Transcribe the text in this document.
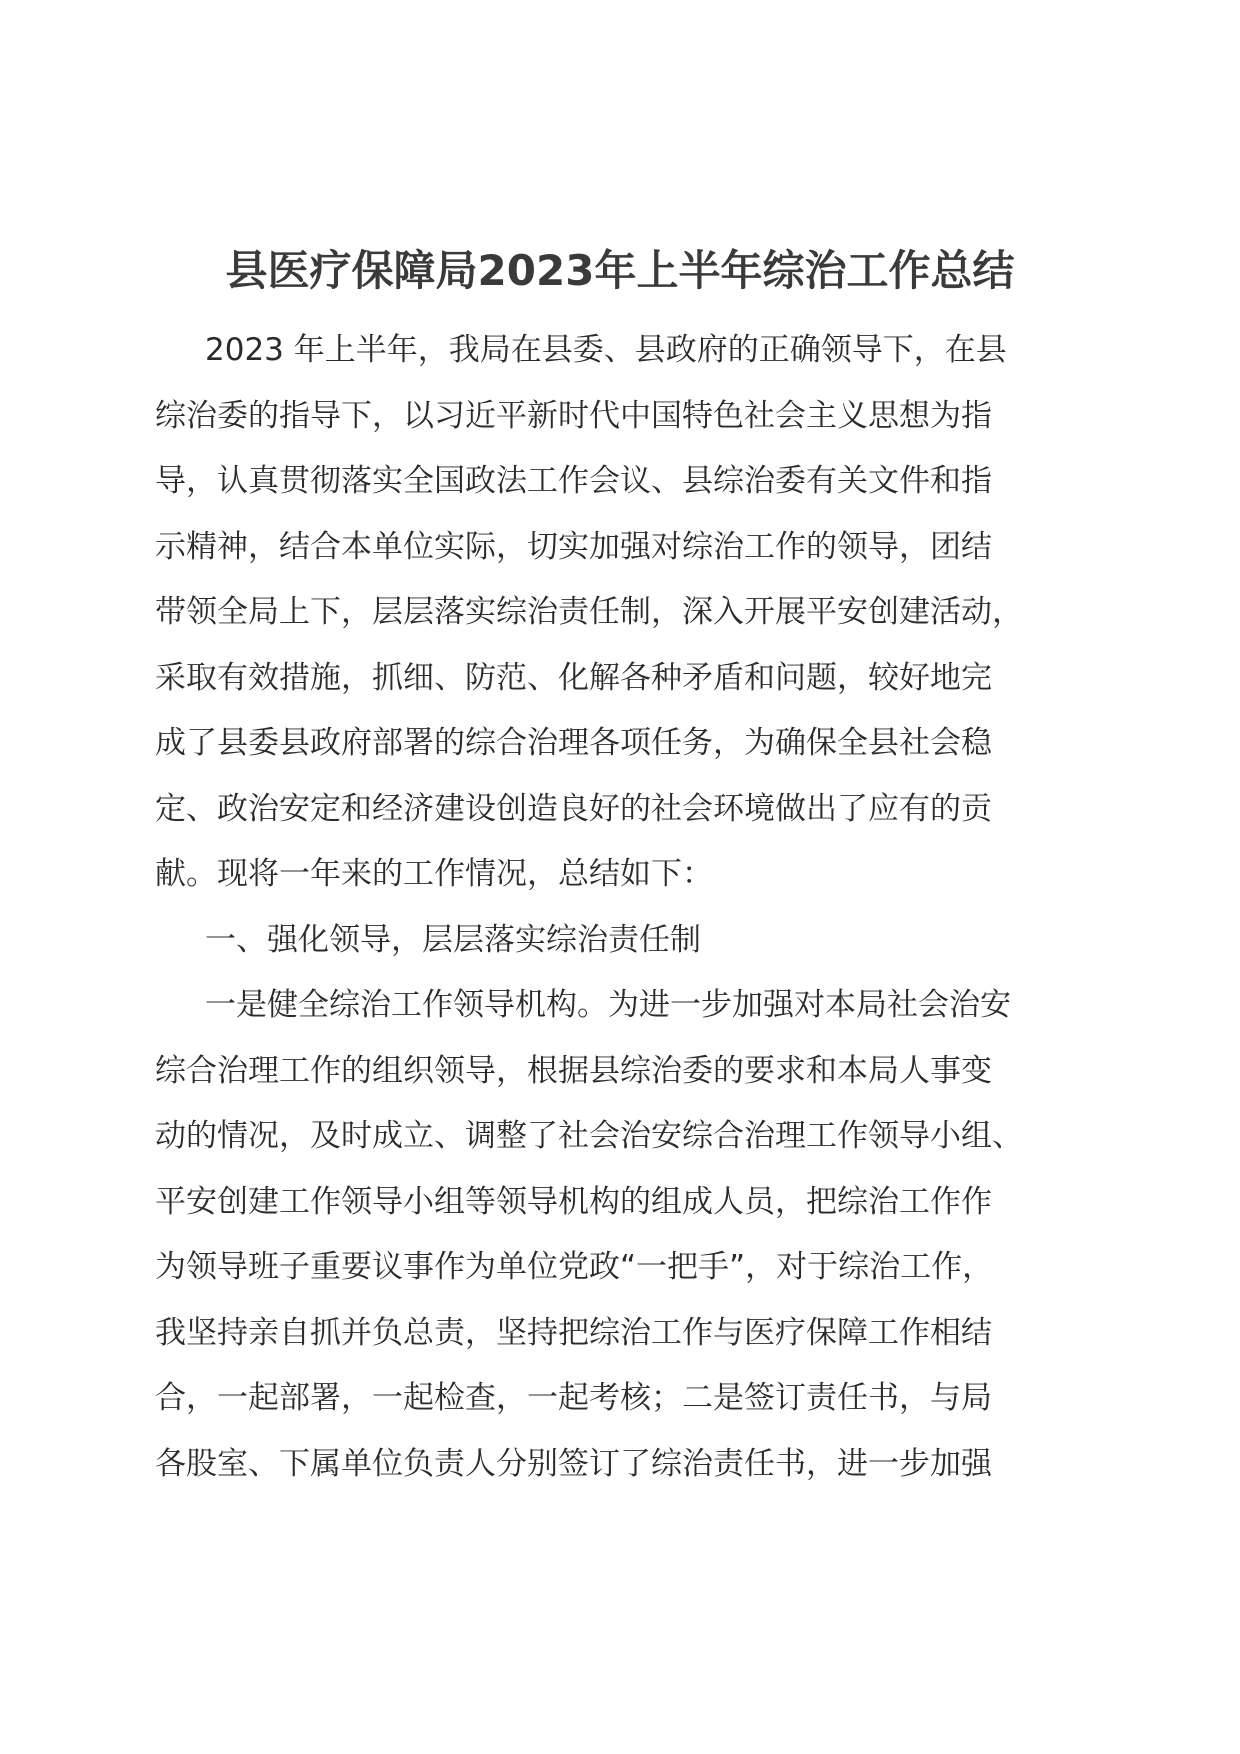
县医疗保障局2023年上半年综治工作总结
2023 年上半年，我局在县委、县政府的正确领导下，在县
综治委的指导下，以习近平新时代中国特色社会主义思想为指
导，认真贯彻落实全国政法工作会议、县综治委有关文件和指
示精神，结合本单位实际，切实加强对综治工作的领导，团结
带领全局上下，层层落实综治责任制，深入开展平安创建活动，
采取有效措施，抓细、防范、化解各种矛盾和问题，较好地完
成了县委县政府部署的综合治理各项任务，为确保全县社会稳
定、政治安定和经济建设创造良好的社会环境做出了应有的贡
献。现将一年来的工作情况，总结如下：
一、强化领导，层层落实综治责任制
一是健全综治工作领导机构。为进一步加强对本局社会治安
综合治理工作的组织领导，根据县综治委的要求和本局人事变
动的情况，及时成立、调整了社会治安综合治理工作领导小组、
平安创建工作领导小组等领导机构的组成人员，把综治工作作
为领导班子重要议事作为单位党政“一把手”，对于综治工作，
我坚持亲自抓并负总责，坚持把综治工作与医疗保障工作相结
合，一起部署，一起检查，一起考核；二是签订责任书，与局
各股室、下属单位负责人分别签订了综治责任书，进一步加强
